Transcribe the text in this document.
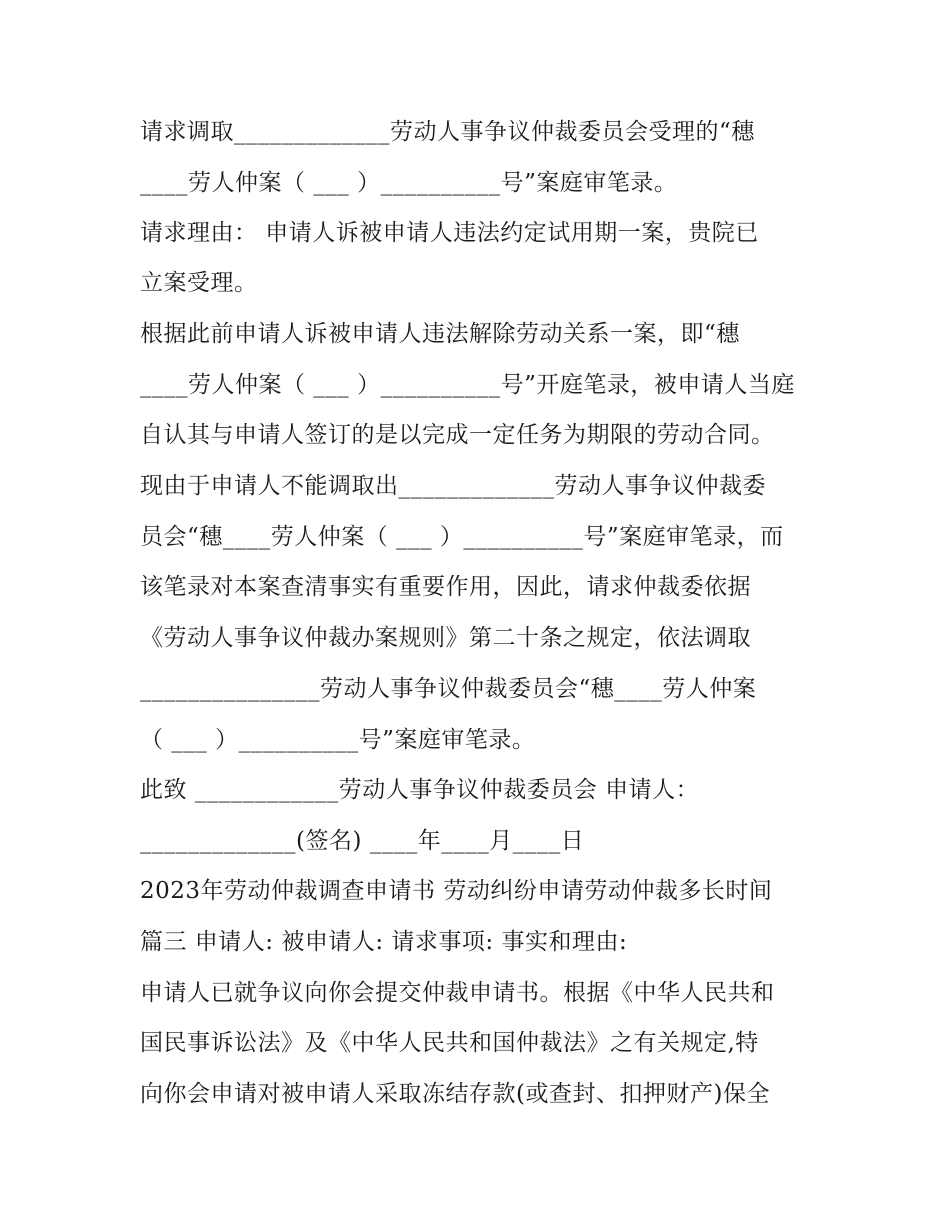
请求调取_____________劳动人事争议仲裁委员会受理的“穗
____劳人仲案（ ___ ）__________号”案庭审笔录。
请求理由： 申请人诉被申请人违法约定试用期一案，贵院已
立案受理。
根据此前申请人诉被申请人违法解除劳动关系一案，即“穗
____劳人仲案（ ___ ）__________号”开庭笔录，被申请人当庭
自认其与申请人签订的是以完成一定任务为期限的劳动合同。
现由于申请人不能调取出_____________劳动人事争议仲裁委
员会“穗____劳人仲案（ ___ ）__________号”案庭审笔录，而
该笔录对本案查清事实有重要作用，因此，请求仲裁委依据
《劳动人事争议仲裁办案规则》第二十条之规定，依法调取
_______________劳动人事争议仲裁委员会“穗____劳人仲案
（ ___ ）__________号”案庭审笔录。
此致 ____________劳动人事争议仲裁委员会 申请人：
_____________(签名) ____年____月____日
2023年劳动仲裁调查申请书 劳动纠纷申请劳动仲裁多长时间
篇三 申请人: 被申请人: 请求事项: 事实和理由:
申请人已就争议向你会提交仲裁申请书。根据《中华人民共和
国民事诉讼法》及《中华人民共和国仲裁法》之有关规定,特
向你会申请对被申请人采取冻结存款(或查封、扣押财产)保全
